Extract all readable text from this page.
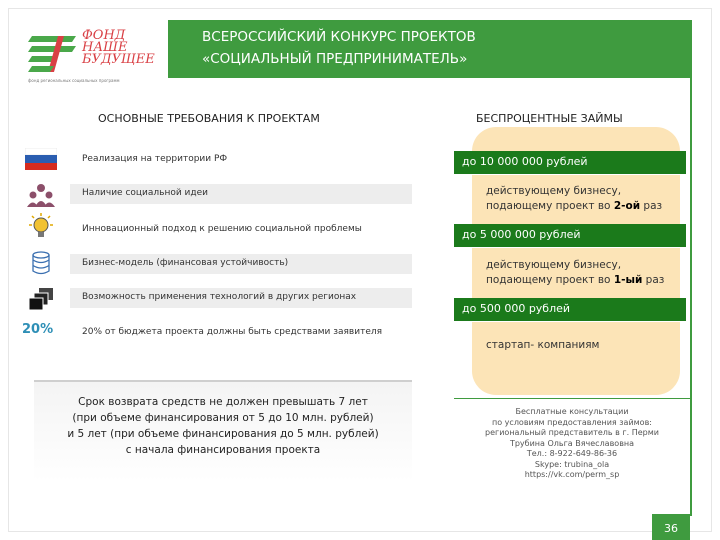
ФОНД
НАШЕ
БУДУЩЕЕ
фонд региональных социальных программ
ВСЕРОССИЙСКИЙ КОНКУРС ПРОЕКТОВ
«СОЦИАЛЬНЫЙ ПРЕДПРИНИМАТЕЛЬ»
ОСНОВНЫЕ ТРЕБОВАНИЯ К ПРОЕКТАМ
Реализация на территории РФ
Наличие социальной идеи
Инновационный подход к решению социальной проблемы
Бизнес-модель (финансовая устойчивость)
Возможность применения технологий в других регионах
20%	20% от бюджета проекта должны быть средствами заявителя
Срок возврата средств не должен превышать 7 лет
(при объеме финансирования от 5 до 10 млн. рублей)
и 5 лет (при объеме финансирования до 5 млн. рублей)
с начала финансирования проекта
БЕСПРОЦЕНТНЫЕ ЗАЙМЫ
до 10 000 000 рублей
действующему бизнесу, подающему проект во 2-ой раз
до 5 000 000 рублей
действующему бизнесу, подающему проект во 1-ый раз
до 500 000 рублей
стартап- компаниям
Бесплатные консультации
по условиям предоставления займов:
региональный представитель в г. Перми
Трубина Ольга Вячеславовна
Тел.: 8-922-649-86-36
Skype: trubina_ola
https://vk.com/perm_sp
36
